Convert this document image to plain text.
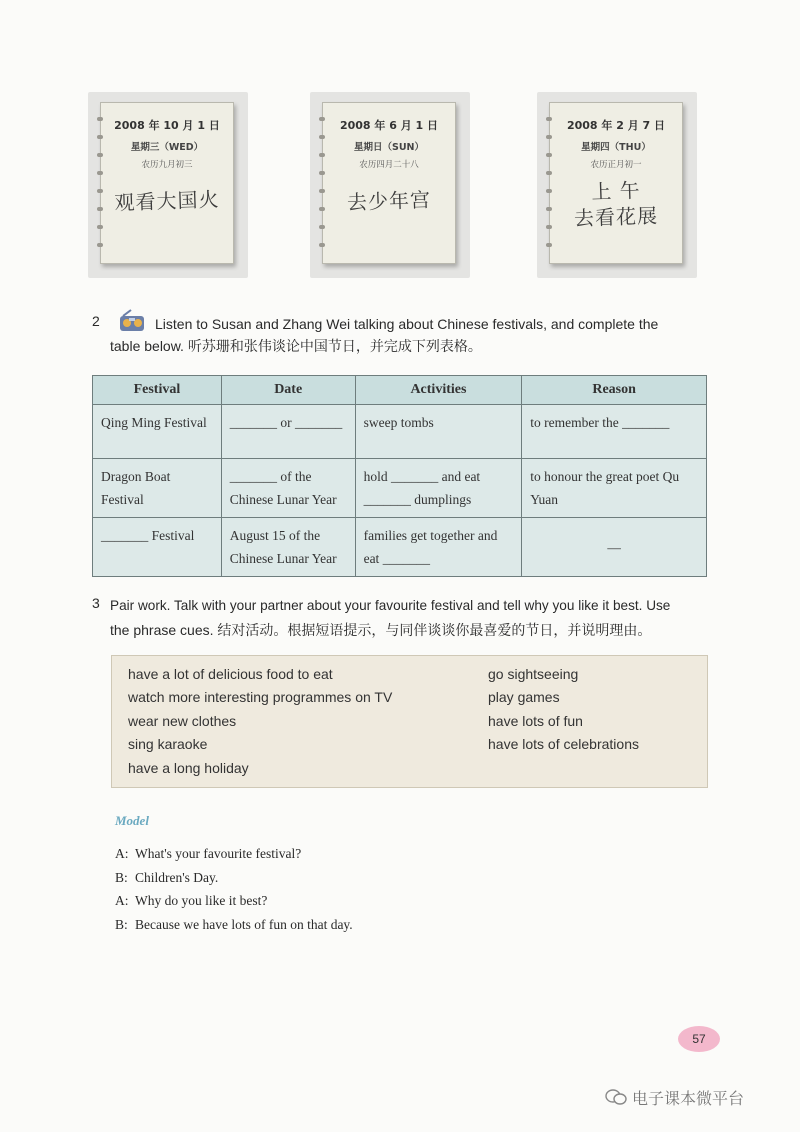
2008 年 10 月 1 日
星期三（WED）
农历九月初三
观看大国火
2008 年 6 月 1 日
星期日（SUN）
农历四月二十八
去少年宫
2008 年 2 月 7 日
星期四（THU）
农历正月初一
上 午
去看花展
2	Listen to Susan and Zhang Wei talking about Chinese festivals, and complete the
table below. 听苏珊和张伟谈论中国节日，并完成下列表格。
Festival	Date	Activities	Reason
Qing Ming Festival	_______ or _______	sweep tombs	to remember the _______
Dragon Boat Festival	_______ of the Chinese Lunar Year	hold _______ and eat _______ dumplings	to honour the great poet Qu Yuan
_______ Festival	August 15 of the Chinese Lunar Year	families get together and eat _______	—
3 Pair work. Talk with your partner about your favourite festival and tell why you like it best. Use
the phrase cues. 结对活动。根据短语提示，与同伴谈谈你最喜爱的节日，并说明理由。
have a lot of delicious food to eat
watch more interesting programmes on TV
wear new clothes
sing karaoke
have a long holiday
go sightseeing
play games
have lots of fun
have lots of celebrations
Model
A: What's your favourite festival?
B: Children's Day.
A: Why do you like it best?
B: Because we have lots of fun on that day.
57
电子课本微平台
